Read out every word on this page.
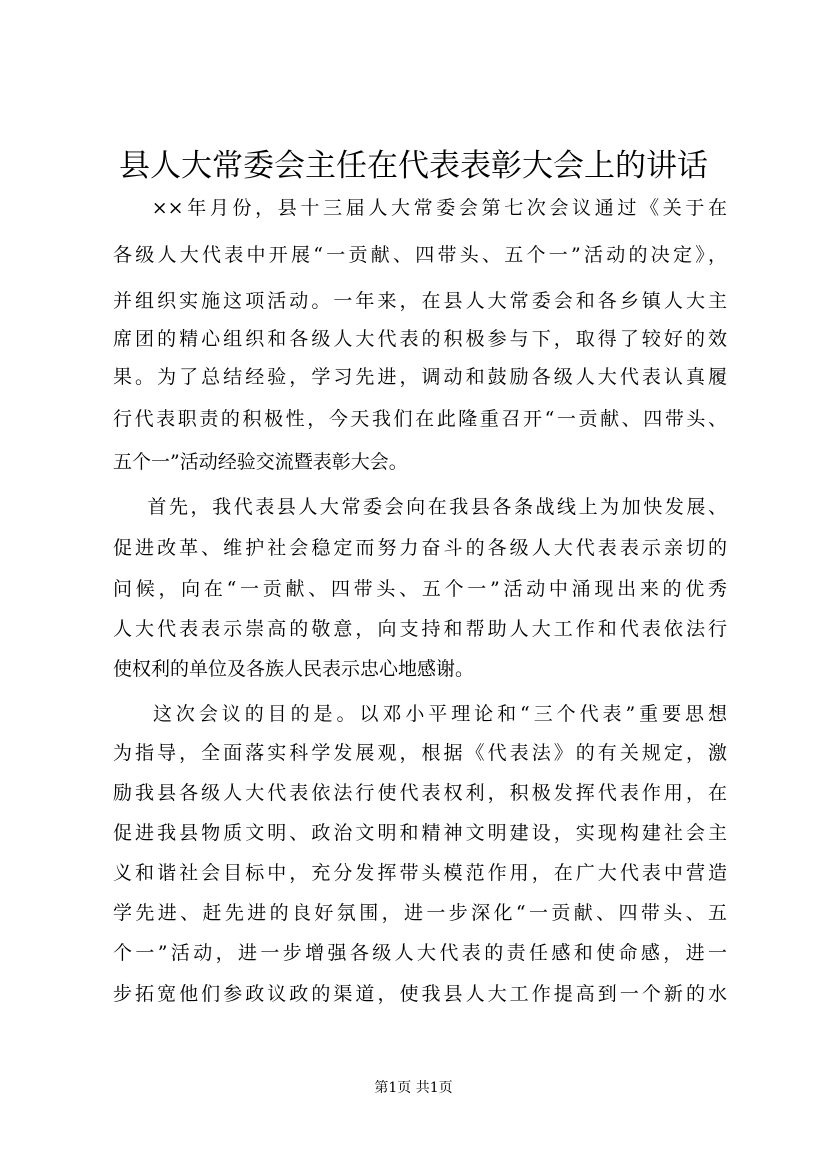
县人大常委会主任在代表表彰大会上的讲话
××年月份，县十三届人大常委会第七次会议通过《关于在
各级人大代表中开展“一贡献、四带头、五个一”活动的决定》，
并组织实施这项活动。一年来，在县人大常委会和各乡镇人大主
席团的精心组织和各级人大代表的积极参与下，取得了较好的效
果。为了总结经验，学习先进，调动和鼓励各级人大代表认真履
行代表职责的积极性，今天我们在此隆重召开“一贡献、四带头、
五个一”活动经验交流暨表彰大会。
首先，我代表县人大常委会向在我县各条战线上为加快发展、
促进改革、维护社会稳定而努力奋斗的各级人大代表表示亲切的
问候，向在“一贡献、四带头、五个一”活动中涌现出来的优秀
人大代表表示崇高的敬意，向支持和帮助人大工作和代表依法行
使权利的单位及各族人民表示忠心地感谢。
这次会议的目的是。以邓小平理论和“三个代表”重要思想
为指导，全面落实科学发展观，根据《代表法》的有关规定，激
励我县各级人大代表依法行使代表权利，积极发挥代表作用，在
促进我县物质文明、政治文明和精神文明建设，实现构建社会主
义和谐社会目标中，充分发挥带头模范作用，在广大代表中营造
学先进、赶先进的良好氛围，进一步深化“一贡献、四带头、五
个一”活动，进一步增强各级人大代表的责任感和使命感，进一
步拓宽他们参政议政的渠道，使我县人大工作提高到一个新的水
第1页 共1页
